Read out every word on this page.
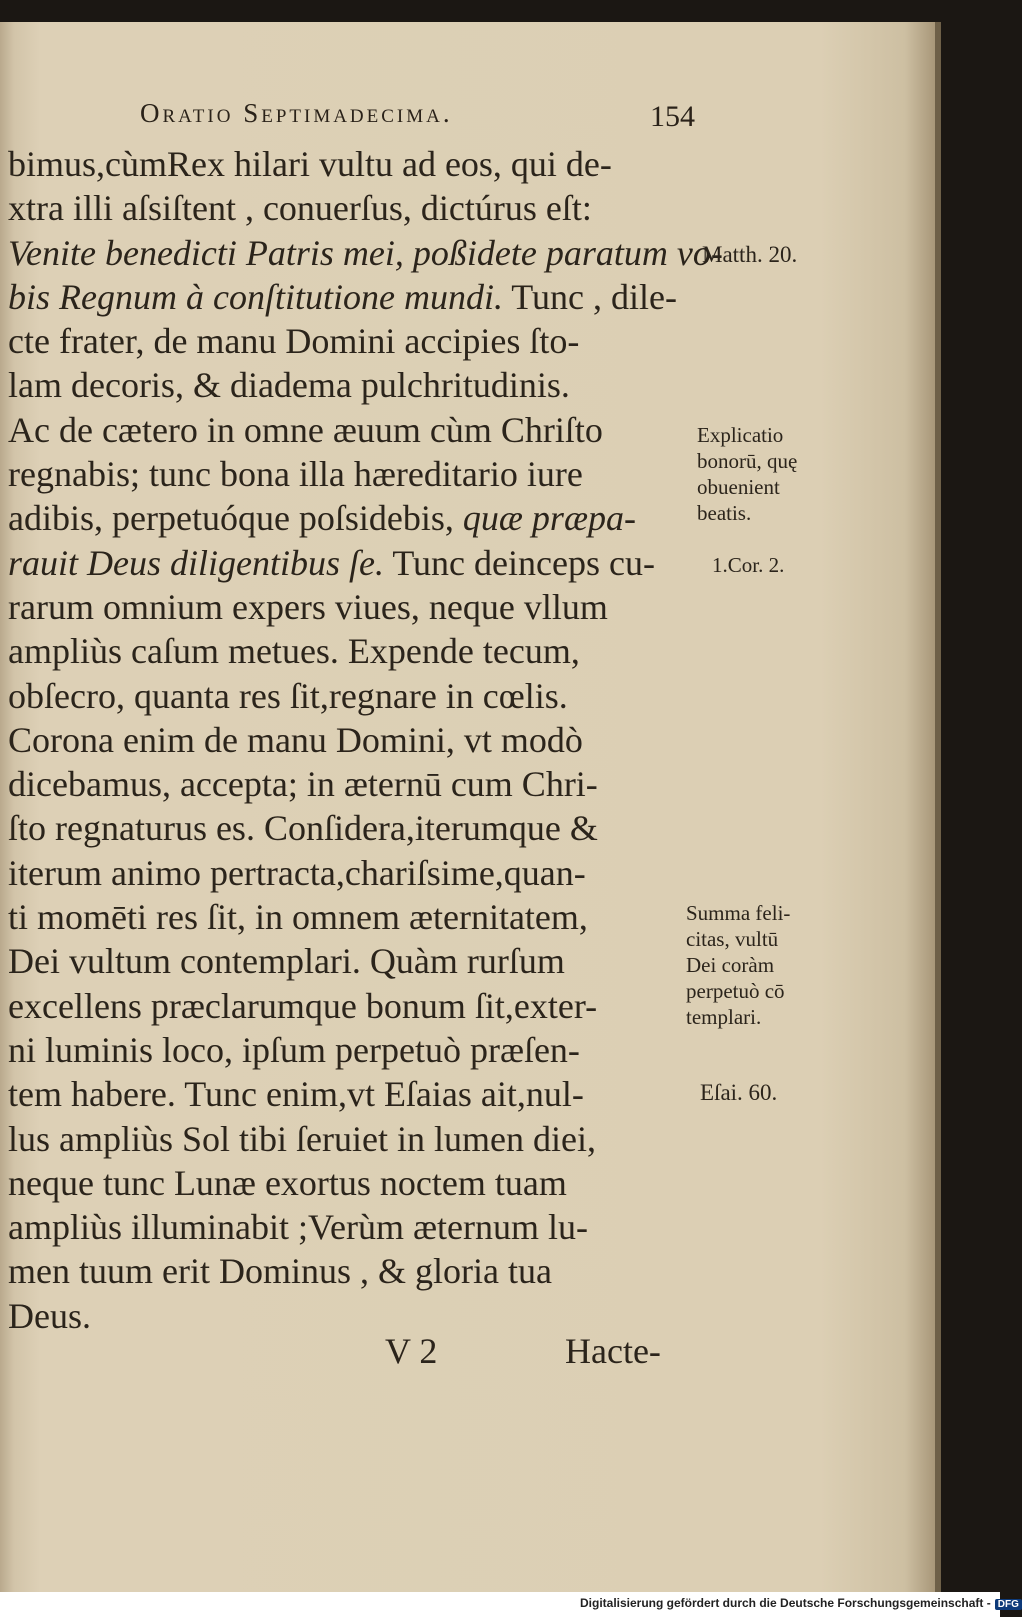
Oratio Septimadecima.	154
bimus,cùmRex hilari vultu ad eos, qui de-
xtra illi aſsiſtent , conuerſus, dictúrus eſt:
Venite benedicti Patris mei, poßidete paratum vo-
bis Regnum à conſtitutione mundi. Tunc , dile-
cte frater, de manu Domini accipies ſto-
lam decoris, & diadema pulchritudinis.
Ac de cætero in omne æuum cùm Chriſto
regnabis; tunc bona illa hæreditario iure
adibis, perpetuóque poſsidebis, quæ præpa-
rauit Deus diligentibus ſe. Tunc deinceps cu-
rarum omnium expers viues, neque vllum
ampliùs caſum metues. Expende tecum,
obſecro, quanta res ſit,regnare in cœlis.
Corona enim de manu Domini, vt modò
dicebamus, accepta; in æternū cum Chri-
ſto regnaturus es. Conſidera,iterumque &
iterum animo pertracta,chariſsime,quan-
ti momēti res ſit, in omnem æternitatem,
Dei vultum contemplari. Quàm rurſum
excellens præclarumque bonum ſit,exter-
ni luminis loco, ipſum perpetuò præſen-
tem habere. Tunc enim,vt Eſaias ait,nul-
lus ampliùs Sol tibi ſeruiet in lumen diei,
neque tunc Lunæ exortus noctem tuam
ampliùs illuminabit ;Verùm æternum lu-
men tuum erit Dominus , & gloria tua
Deus.
Matth. 20.
Explicatio
bonorū, quę
obuenient
beatis.
1.Cor. 2.
Summa feli-
citas, vultū
Dei coràm
perpetuò cō
templari.
Eſai. 60.
V 2	Hacte-
Digitalisierung gefördert durch die Deutsche Forschungsgemeinschaft - DFG
